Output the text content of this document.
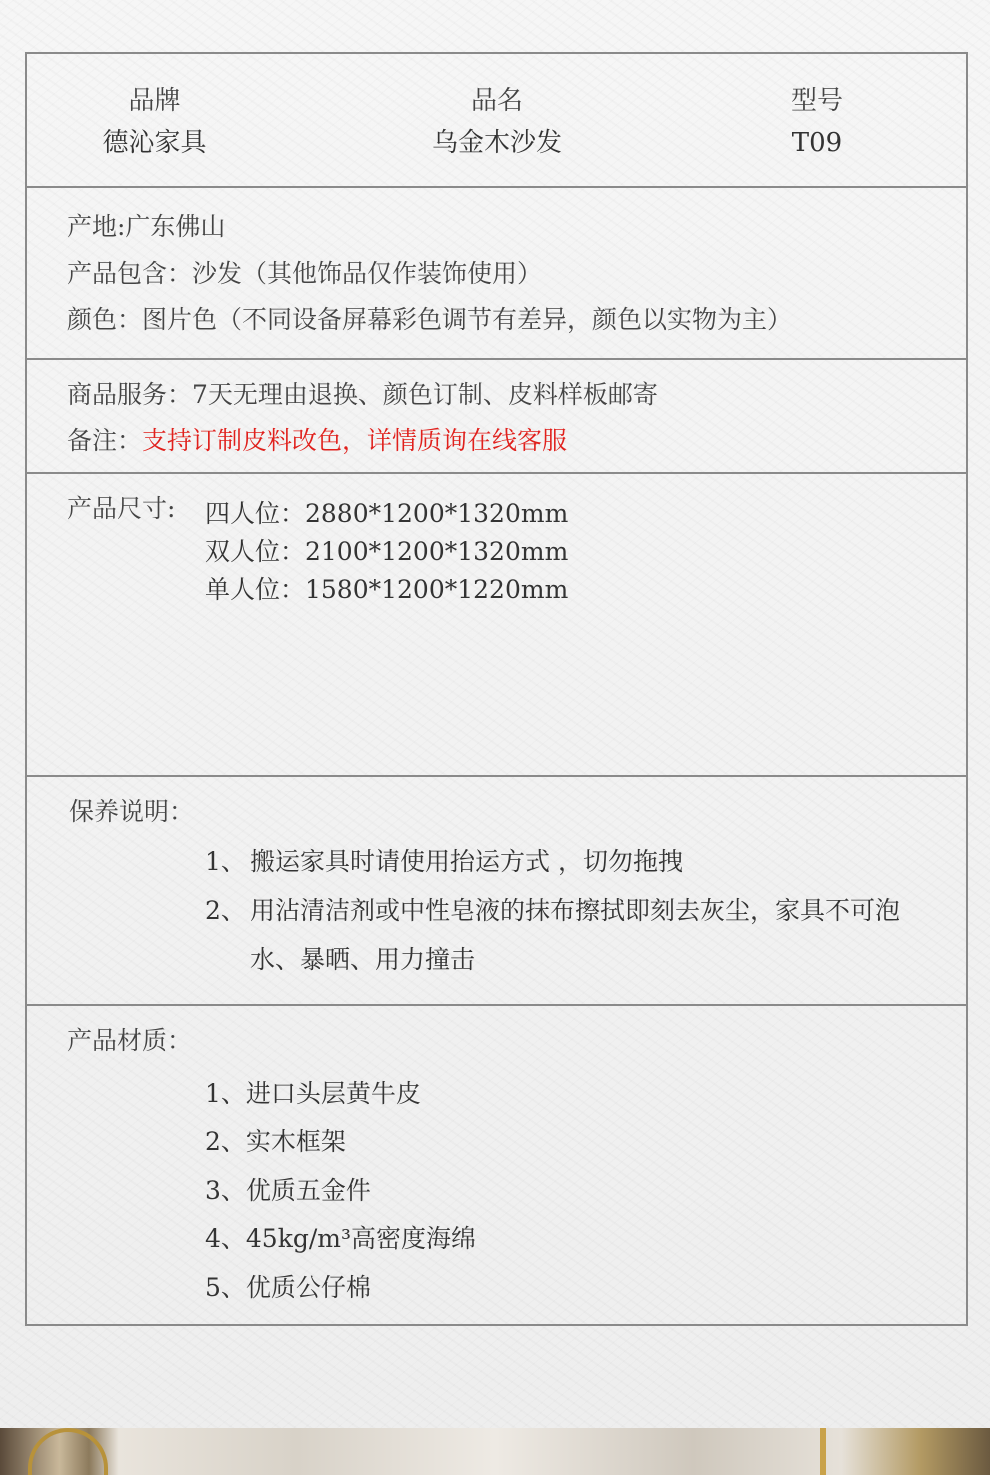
品牌
德沁家具
品名
乌金木沙发
型号
T09
产地:广东佛山
产品包含：沙发（其他饰品仅作装饰使用）
颜色：图片色（不同设备屏幕彩色调节有差异，颜色以实物为主）
商品服务：7天无理由退换、颜色订制、皮料样板邮寄
备注：支持订制皮料改色，详情质询在线客服
产品尺寸: 四人位：2880*1200*1320mm
双人位：2100*1200*1320mm
单人位：1580*1200*1220mm
保养说明：
1、 搬运家具时请使用抬运方式 ，切勿拖拽
2、 用沾清洁剂或中性皂液的抹布擦拭即刻去灰尘，家具不可泡水、暴晒、用力撞击
产品材质：
1、进口头层黄牛皮
2、实木框架
3、优质五金件
4、45kg/m³高密度海绵
5、优质公仔棉
